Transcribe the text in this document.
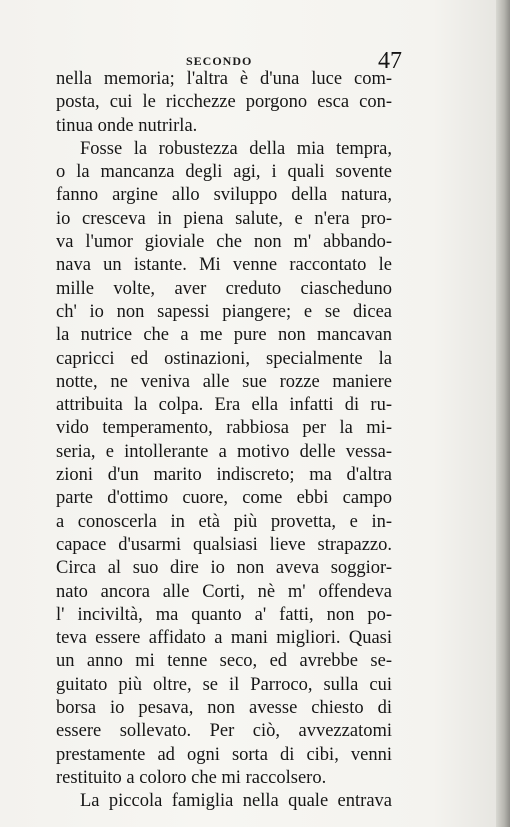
SECONDO	47
nella memoria; l'altra è d'una luce com-
posta, cui le ricchezze porgono esca con-
tinua onde nutrirla.
Fosse la robustezza della mia tempra,
o la mancanza degli agi, i quali sovente
fanno argine allo sviluppo della natura,
io cresceva in piena salute, e n'era pro-
va l'umor gioviale che non m' abbando-
nava un istante. Mi venne raccontato le
mille volte, aver creduto ciascheduno
ch' io non sapessi piangere; e se dicea
la nutrice che a me pure non mancavan
capricci ed ostinazioni, specialmente la
notte, ne veniva alle sue rozze maniere
attribuita la colpa. Era ella infatti di ru-
vido temperamento, rabbiosa per la mi-
seria, e intollerante a motivo delle vessa-
zioni d'un marito indiscreto; ma d'altra
parte d'ottimo cuore, come ebbi campo
a conoscerla in età più provetta, e in-
capace d'usarmi qualsiasi lieve strapazzo.
Circa al suo dire io non aveva soggior-
nato ancora alle Corti, nè m' offendeva
l' inciviltà, ma quanto a' fatti, non po-
teva essere affidato a mani migliori. Quasi
un anno mi tenne seco, ed avrebbe se-
guitato più oltre, se il Parroco, sulla cui
borsa io pesava, non avesse chiesto di
essere sollevato. Per ciò, avvezzatomi
prestamente ad ogni sorta di cibi, venni
restituito a coloro che mi raccolsero.
La piccola famiglia nella quale entrava
